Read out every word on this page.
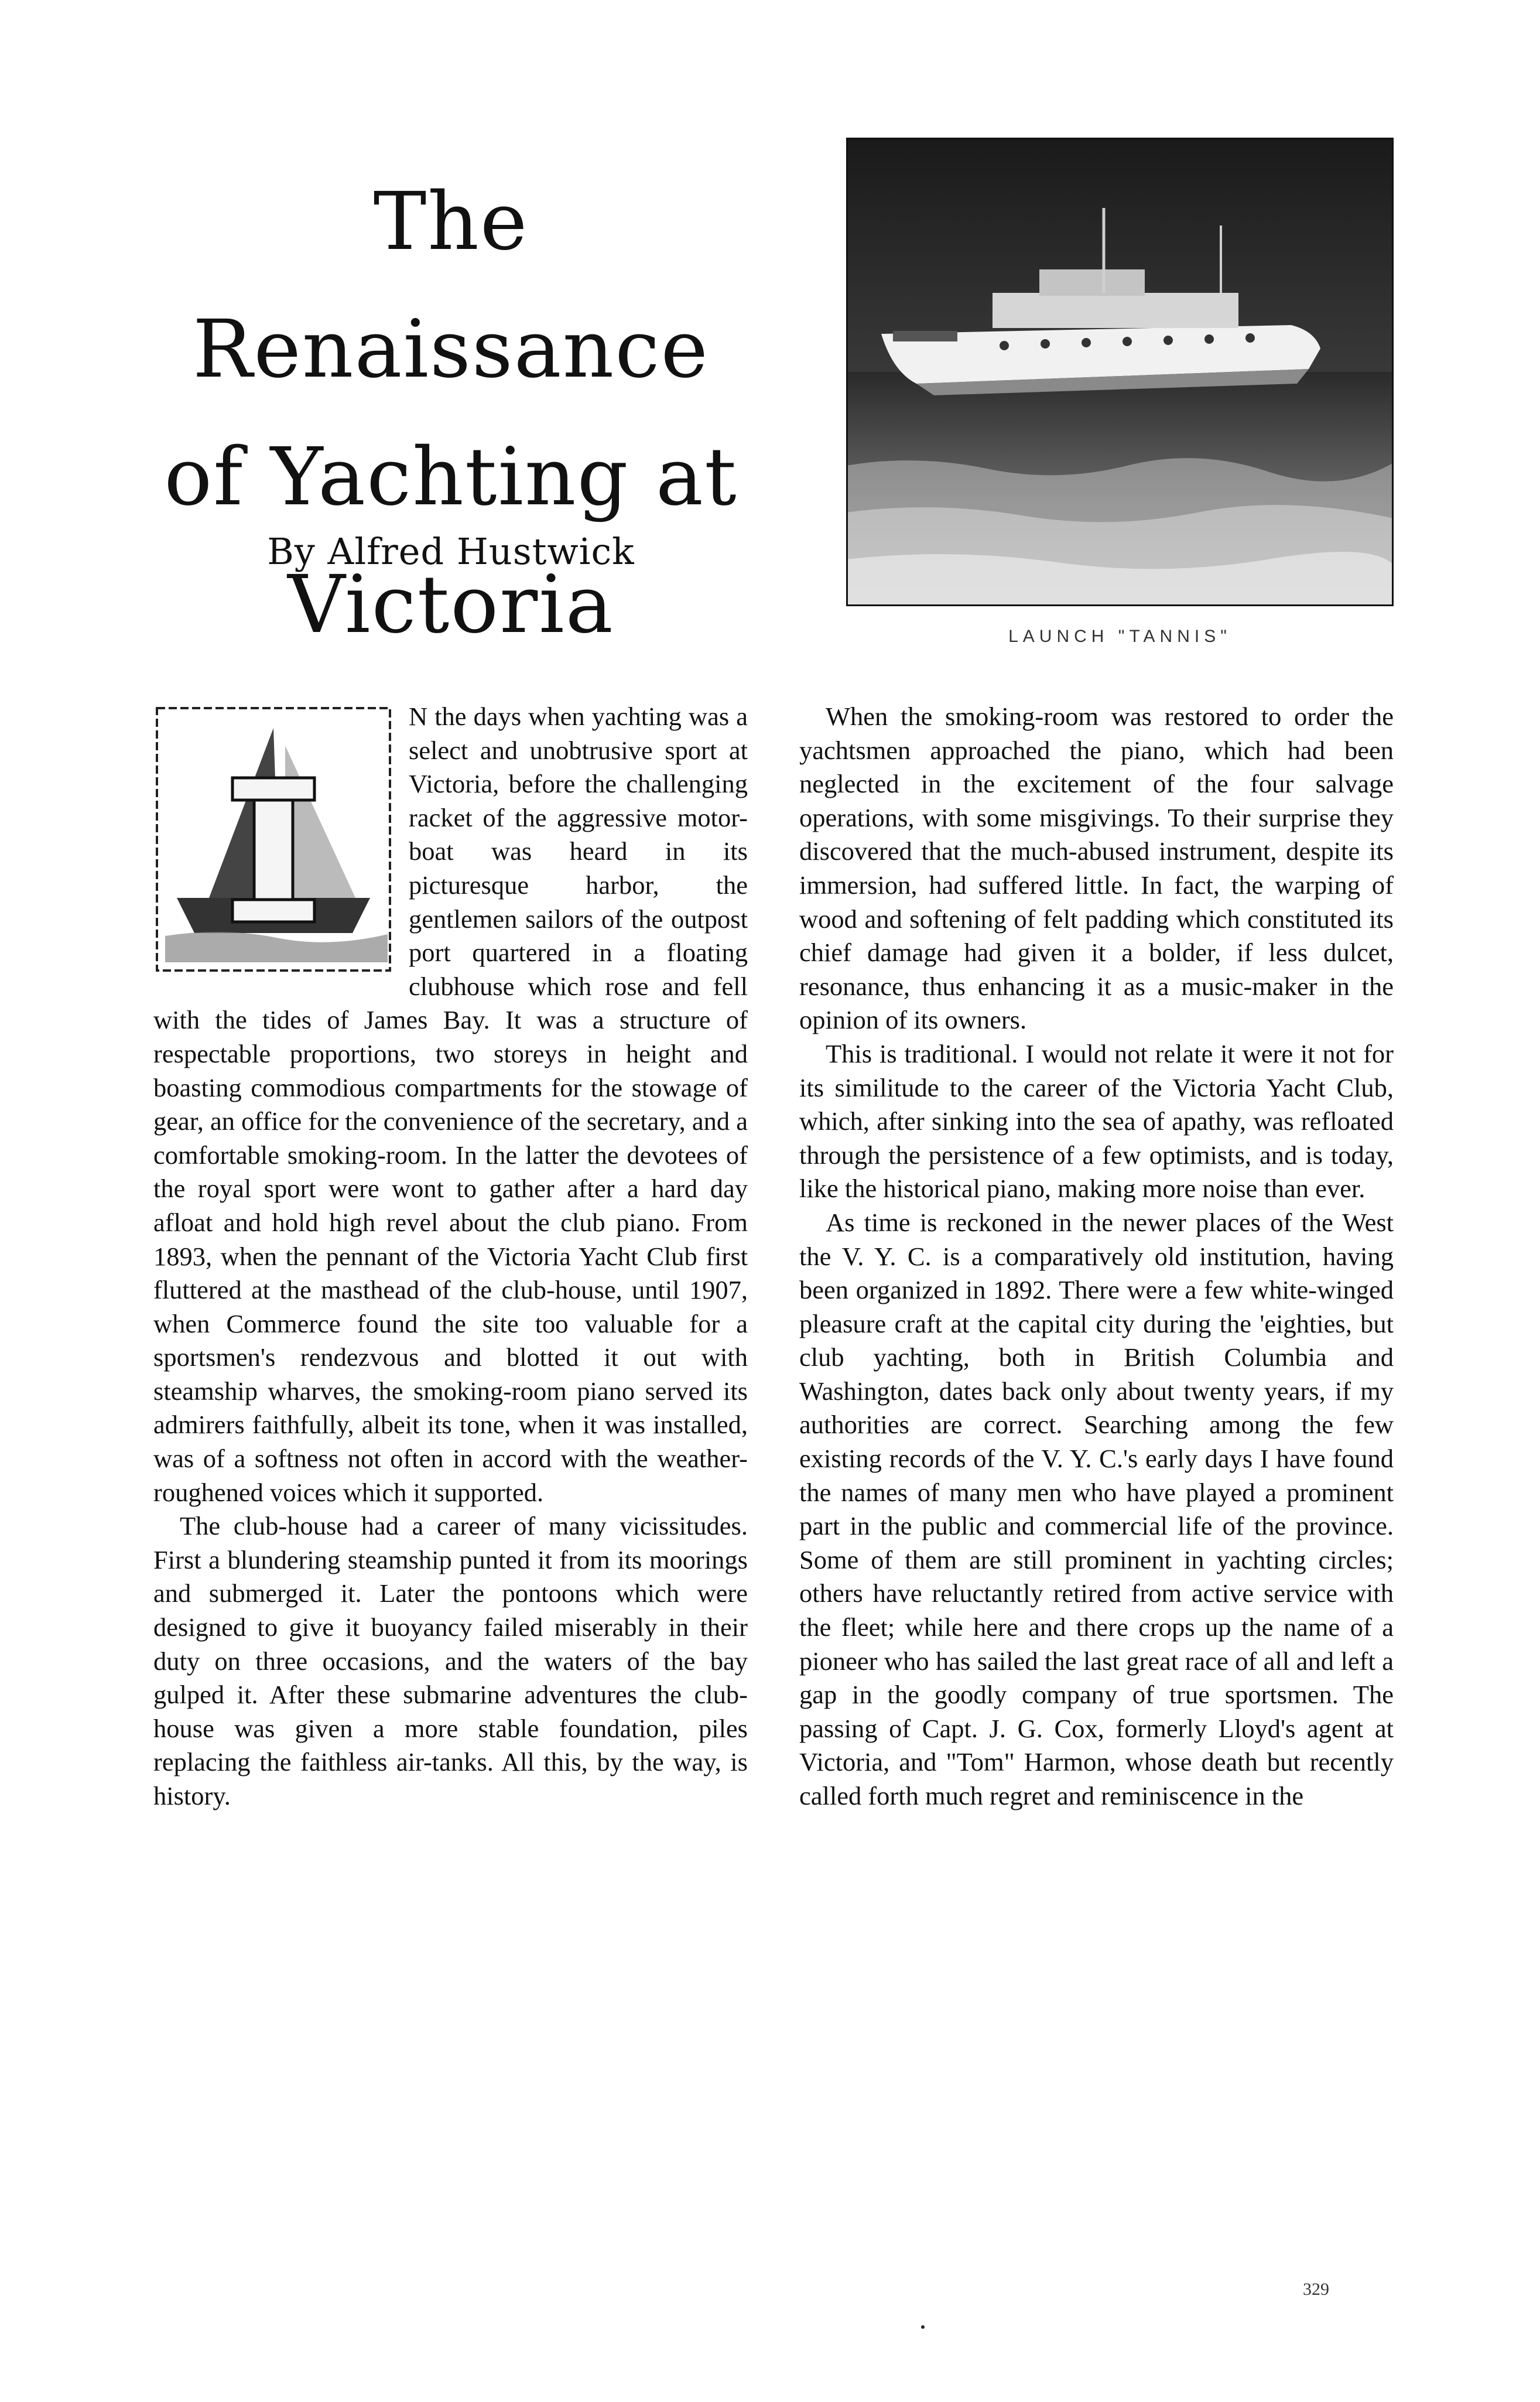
The Renaissance
of Yachting at
Victoria
By Alfred Hustwick
LAUNCH "TANNIS"
I

N the days when yachting was a select and unobtrusive sport at Victoria, before the challenging racket of the aggressive motor-boat was heard in its picturesque harbor, the gentlemen sailors of the outpost port quartered in a floating clubhouse which rose and fell with the tides of James Bay. It was a structure of respectable proportions, two storeys in height and boasting commodious compartments for the stowage of gear, an office for the convenience of the secretary, and a comfortable smoking-room. In the latter the devotees of the royal sport were wont to gather after a hard day afloat and hold high revel about the club piano. From 1893, when the pennant of the Victoria Yacht Club first fluttered at the masthead of the club-house, until 1907, when Commerce found the site too valuable for a sportsmen's rendezvous and blotted it out with steamship wharves, the smoking-room piano served its admirers faithfully, albeit its tone, when it was installed, was of a softness not often in accord with the weather-roughened voices which it supported.

The club-house had a career of many vicissitudes. First a blundering steamship punted it from its moorings and submerged it. Later the pontoons which were designed to give it buoyancy failed miserably in their duty on three occasions, and the waters of the bay gulped it. After these submarine adventures the club-house was given a more stable foundation, piles replacing the faithless air-tanks. All this, by the way, is history.

When the smoking-room was restored to order the yachtsmen approached the piano, which had been neglected in the excitement of the four salvage operations, with some misgivings. To their surprise they discovered that the much-abused instrument, despite its immersion, had suffered little. In fact, the warping of wood and softening of felt padding which constituted its chief damage had given it a bolder, if less dulcet, resonance, thus enhancing it as a music-maker in the opinion of its owners.

This is traditional. I would not relate it were it not for its similitude to the career of the Victoria Yacht Club, which, after sinking into the sea of apathy, was refloated through the persistence of a few optimists, and is today, like the historical piano, making more noise than ever.

As time is reckoned in the newer places of the West the V. Y. C. is a comparatively old institution, having been organized in 1892. There were a few white-winged pleasure craft at the capital city during the 'eighties, but club yachting, both in British Columbia and Washington, dates back only about twenty years, if my authorities are correct. Searching among the few existing records of the V. Y. C.'s early days I have found the names of many men who have played a prominent part in the public and commercial life of the province. Some of them are still prominent in yachting circles; others have reluctantly retired from active service with the fleet; while here and there crops up the name of a pioneer who has sailed the last great race of all and left a gap in the goodly company of true sportsmen. The passing of Capt. J. G. Cox, formerly Lloyd's agent at Victoria, and "Tom" Harmon, whose death but recently called forth much regret and reminiscence in the

329
